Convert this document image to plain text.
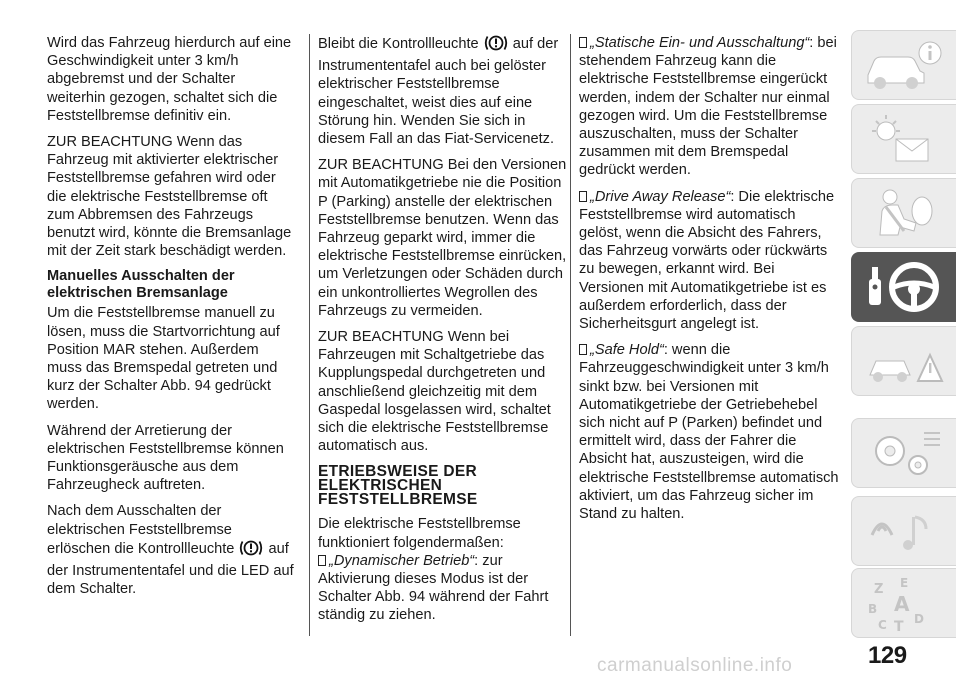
Wird das Fahrzeug hierdurch auf eine Geschwindigkeit unter 3 km/h abgebremst und der Schalter weiterhin gezogen, schaltet sich die Feststellbremse definitiv ein.

ZUR BEACHTUNG Wenn das Fahrzeug mit aktivierter elektrischer Feststellbremse gefahren wird oder die elektrische Feststellbremse oft zum Abbremsen des Fahrzeugs benutzt wird, könnte die Bremsanlage mit der Zeit stark beschädigt werden.

Manuelles Ausschalten der elektrischen Bremsanlage

Um die Feststellbremse manuell zu lösen, muss die Startvorrichtung auf Position MAR stehen. Außerdem muss das Bremspedal getreten und kurz der Schalter Abb. 94 gedrückt werden.

Während der Arretierung der elektrischen Feststellbremse können Funktionsgeräusche aus dem Fahrzeugheck auftreten.

Nach dem Ausschalten der elektrischen Feststellbremse erlöschen die Kontrollleuchte auf der Instrumententafel und die LED auf dem Schalter.

Bleibt die Kontrollleuchte auf der Instrumententafel auch bei gelöster elektrischer Feststellbremse eingeschaltet, weist dies auf eine Störung hin. Wenden Sie sich in diesem Fall an das Fiat-Servicenetz.

ZUR BEACHTUNG Bei den Versionen mit Automatikgetriebe nie die Position P (Parking) anstelle der elektrischen Feststellbremse benutzen. Wenn das Fahrzeug geparkt wird, immer die elektrische Feststellbremse einrücken, um Verletzungen oder Schäden durch ein unkontrolliertes Wegrollen des Fahrzeugs zu vermeiden.

ZUR BEACHTUNG Wenn bei Fahrzeugen mit Schaltgetriebe das Kupplungspedal durchgetreten und anschließend gleichzeitig mit dem Gaspedal losgelassen wird, schaltet sich die elektrische Feststellbremse automatisch aus.

ETRIEBSWEISE DER ELEKTRISCHEN FESTSTELLBREMSE

Die elektrische Feststellbremse funktioniert folgendermaßen:

„Dynamischer Betrieb“: zur Aktivierung dieses Modus ist der Schalter Abb. 94 während der Fahrt ständig zu ziehen.

„Statische Ein- und Ausschaltung“: bei stehendem Fahrzeug kann die elektrische Feststellbremse eingerückt werden, indem der Schalter nur einmal gezogen wird. Um die Feststellbremse auszuschalten, muss der Schalter zusammen mit dem Bremspedal gedrückt werden.

„Drive Away Release“: Die elektrische Feststellbremse wird automatisch gelöst, wenn die Absicht des Fahrers, das Fahrzeug vorwärts oder rückwärts zu bewegen, erkannt wird. Bei Versionen mit Automatikgetriebe ist es außerdem erforderlich, dass der Sicherheitsgurt angelegt ist.

„Safe Hold“: wenn die Fahrzeuggeschwindigkeit unter 3 km/h sinkt bzw. bei Versionen mit Automatikgetriebe der Getriebehebel sich nicht auf P (Parken) befindet und ermittelt wird, dass der Fahrer die Absicht hat, auszusteigen, wird die elektrische Feststellbremse automatisch aktiviert, um das Fahrzeug sicher im Stand zu halten.

Z E
B A
C T D
129
carmanualsonline.info
